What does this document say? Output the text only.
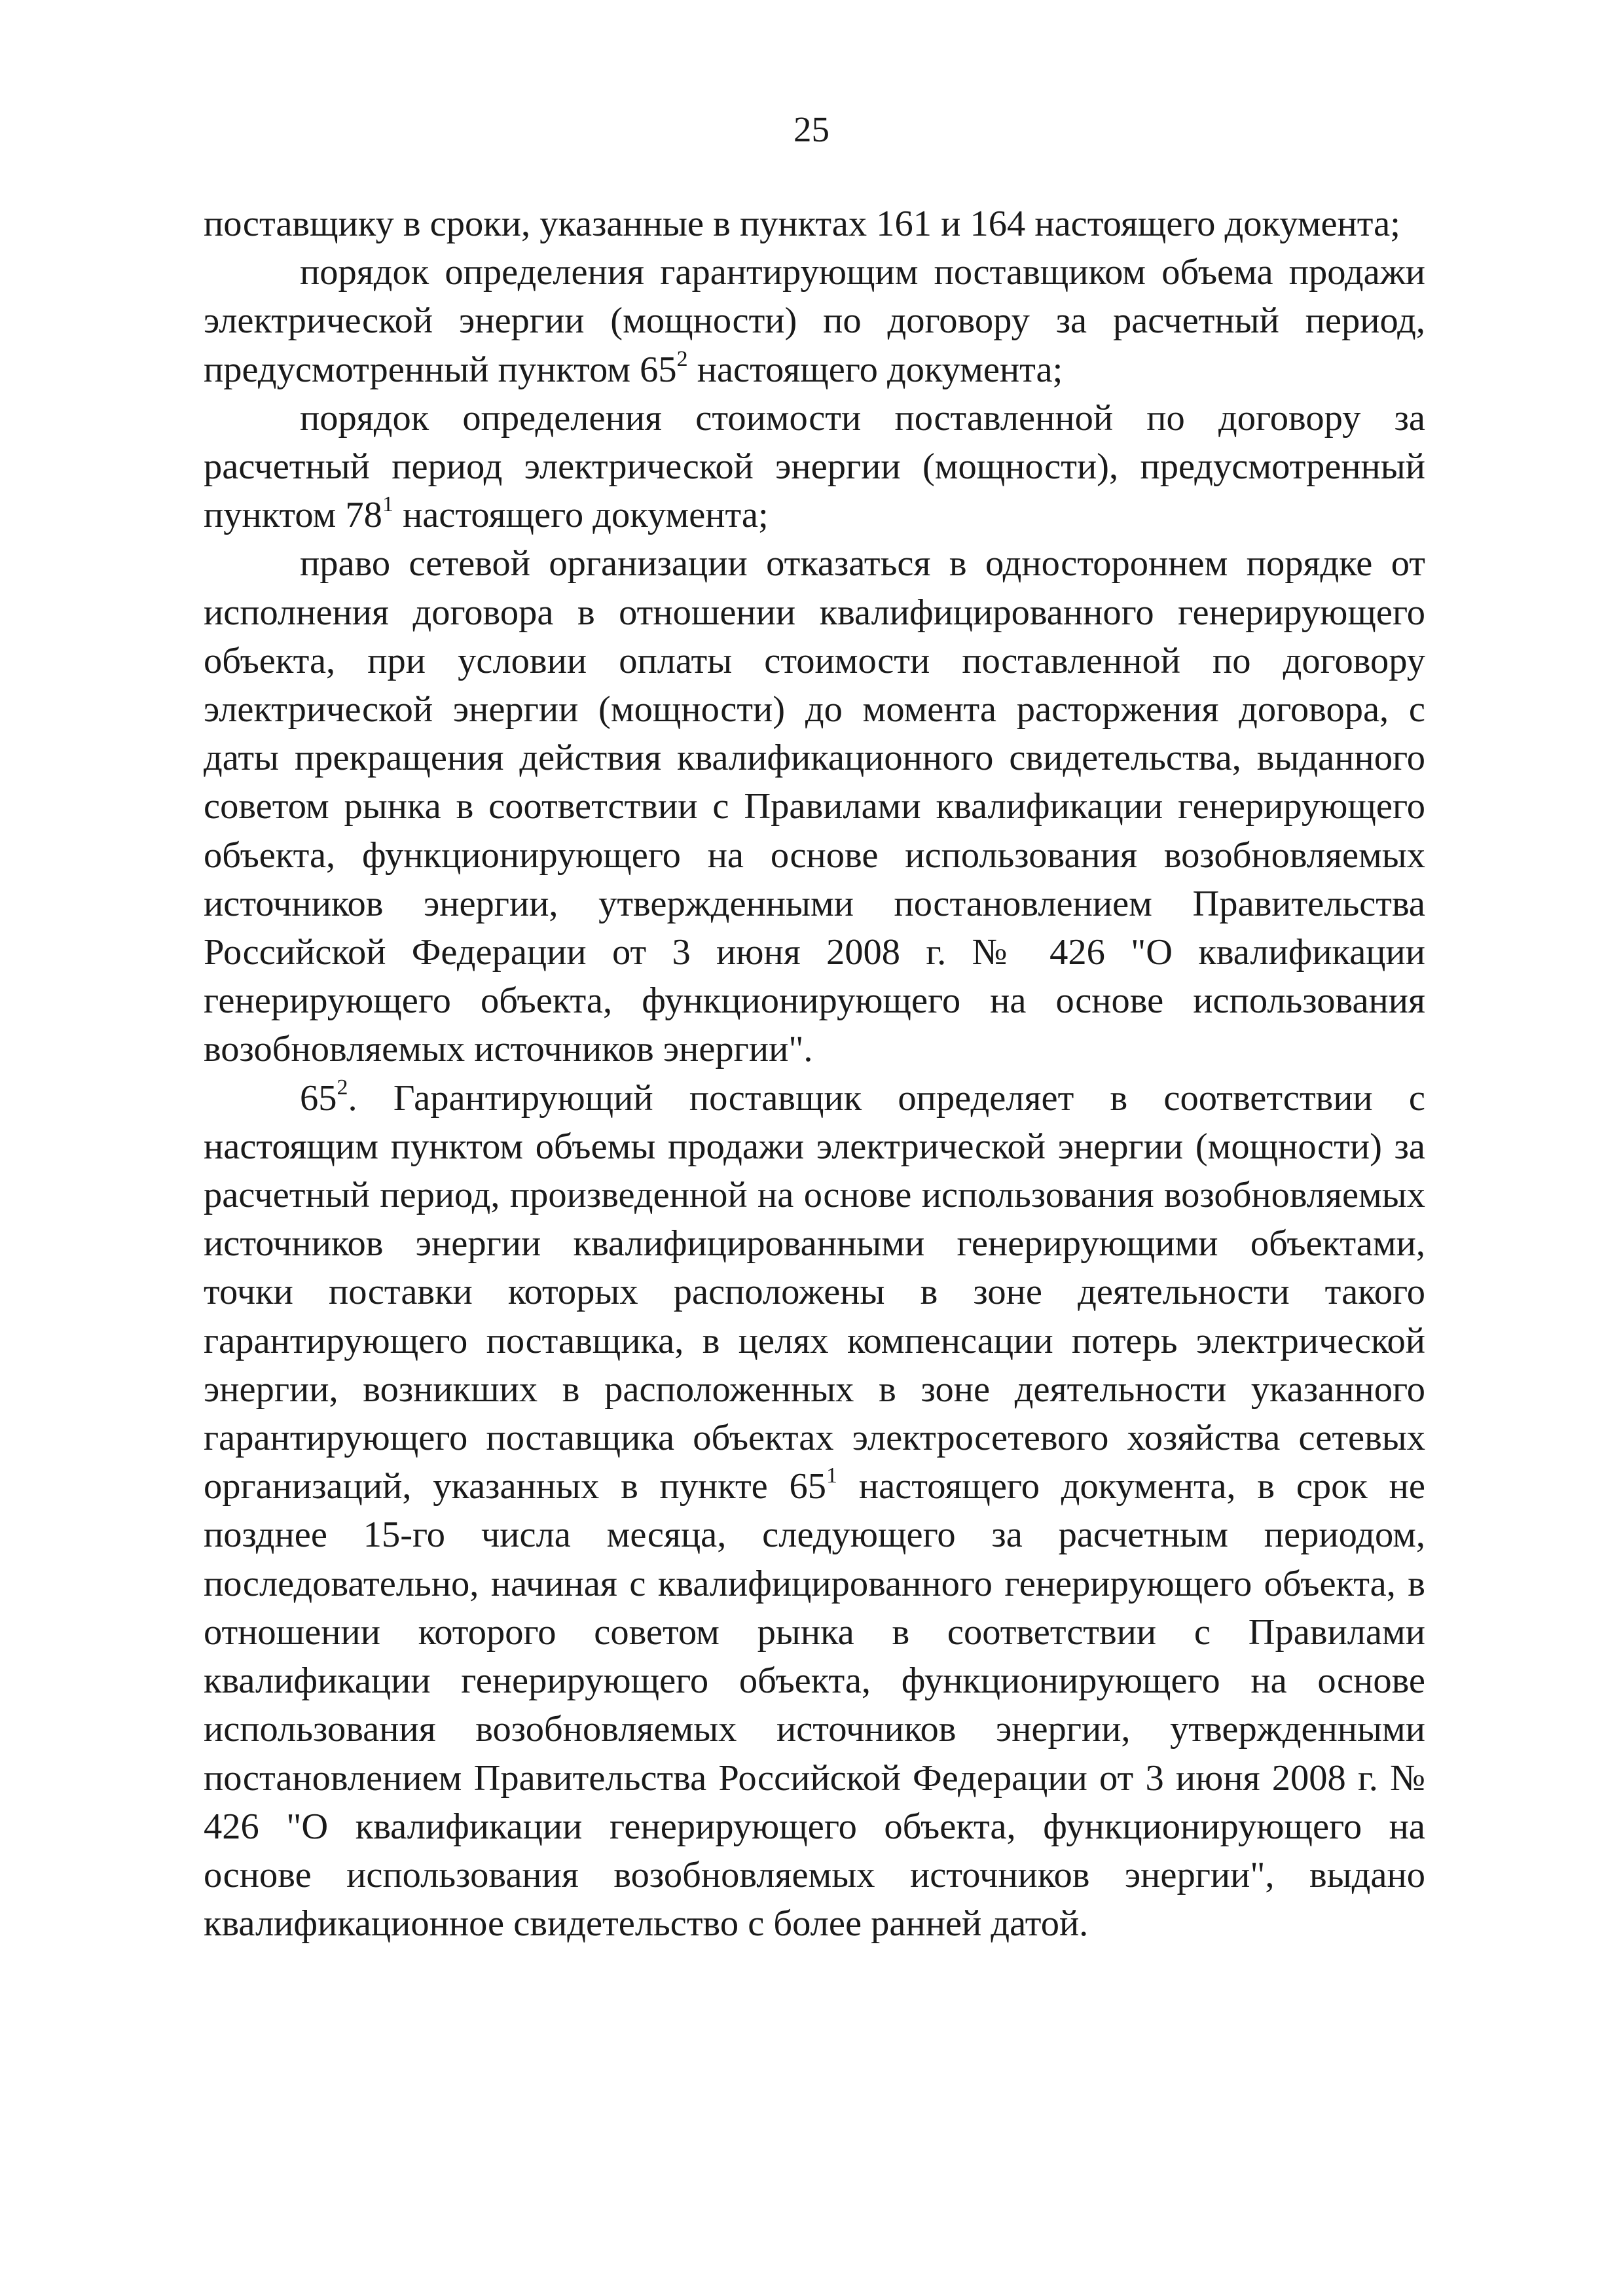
25

поставщику в сроки, указанные в пунктах 161 и 164 настоящего документа;

порядок определения гарантирующим поставщиком объема продажи электрической энергии (мощности) по договору за расчетный период, предусмотренный пунктом $65^2$ настоящего документа;

порядок определения стоимости поставленной по договору за расчетный период электрической энергии (мощности), предусмотренный пунктом $78^1$ настоящего документа;

право сетевой организации отказаться в одностороннем порядке от исполнения договора в отношении квалифицированного генерирующего объекта, при условии оплаты стоимости поставленной по договору электрической энергии (мощности) до момента расторжения договора, с даты прекращения действия квалификационного свидетельства, выданного советом рынка в соответствии с Правилами квалификации генерирующего объекта, функционирующего на основе использования возобновляемых источников энергии, утвержденными постановлением Правительства Российской Федерации от 3 июня 2008 г. № 426 "О квалификации генерирующего объекта, функционирующего на основе использования возобновляемых источников энергии".

$65^2$. Гарантирующий поставщик определяет в соответствии с настоящим пунктом объемы продажи электрической энергии (мощности) за расчетный период, произведенной на основе использования возобновляемых источников энергии квалифицированными генерирующими объектами, точки поставки которых расположены в зоне деятельности такого гарантирующего поставщика, в целях компенсации потерь электрической энергии, возникших в расположенных в зоне деятельности указанного гарантирующего поставщика объектах электросетевого хозяйства сетевых организаций, указанных в пункте $65^1$ настоящего документа, в срок не позднее 15-го числа месяца, следующего за расчетным периодом, последовательно, начиная с квалифицированного генерирующего объекта, в отношении которого советом рынка в соответствии с Правилами квалификации генерирующего объекта, функционирующего на основе использования возобновляемых источников энергии, утвержденными постановлением Правительства Российской Федерации от 3 июня 2008 г. № 426 "О квалификации генерирующего объекта, функционирующего на основе использования возобновляемых источников энергии", выдано квалификационное свидетельство с более ранней датой.
